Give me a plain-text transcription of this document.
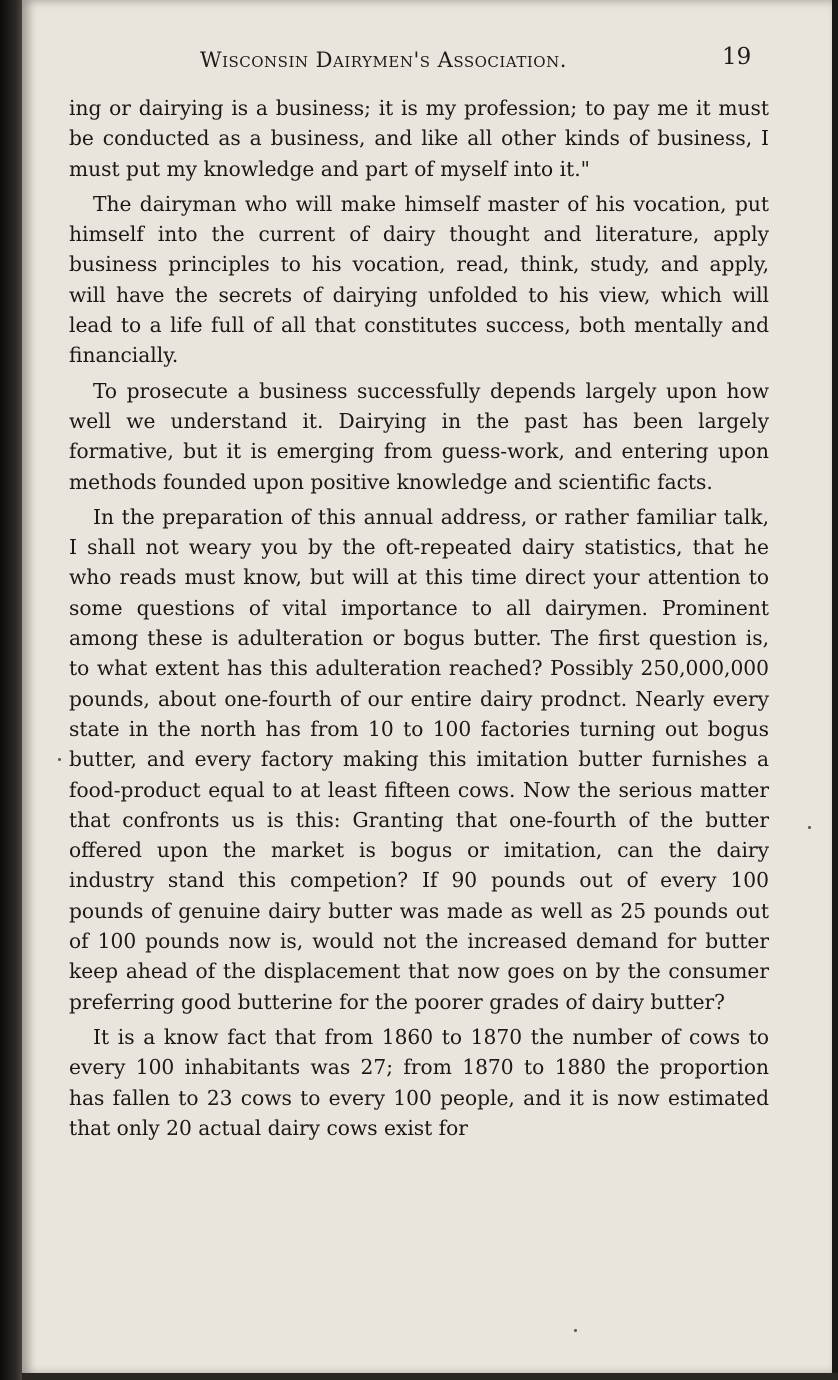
Wisconsin Dairymen's Association.	19

ing or dairying is a business; it is my profession; to pay me it must be conducted as a business, and like all other kinds of business, I must put my knowledge and part of myself into it."

The dairyman who will make himself master of his vocation, put himself into the current of dairy thought and literature, apply business principles to his vocation, read, think, study, and apply, will have the secrets of dairying unfolded to his view, which will lead to a life full of all that constitutes success, both mentally and financially.

To prosecute a business successfully depends largely upon how well we understand it. Dairying in the past has been largely formative, but it is emerging from guess-work, and entering upon methods founded upon positive knowledge and scientific facts.

In the preparation of this annual address, or rather familiar talk, I shall not weary you by the oft-repeated dairy statistics, that he who reads must know, but will at this time direct your attention to some questions of vital importance to all dairymen. Prominent among these is adulteration or bogus butter. The first question is, to what extent has this adulteration reached? Possibly 250,000,000 pounds, about one-fourth of our entire dairy prodnct. Nearly every state in the north has from 10 to 100 factories turning out bogus butter, and every factory making this imitation butter furnishes a food-product equal to at least fifteen cows. Now the serious matter that confronts us is this: Granting that one-fourth of the butter offered upon the market is bogus or imitation, can the dairy industry stand this competion? If 90 pounds out of every 100 pounds of genuine dairy butter was made as well as 25 pounds out of 100 pounds now is, would not the increased demand for butter keep ahead of the displacement that now goes on by the consumer preferring good butterine for the poorer grades of dairy butter?

It is a know fact that from 1860 to 1870 the number of cows to every 100 inhabitants was 27; from 1870 to 1880 the proportion has fallen to 23 cows to every 100 people, and it is now estimated that only 20 actual dairy cows exist for
